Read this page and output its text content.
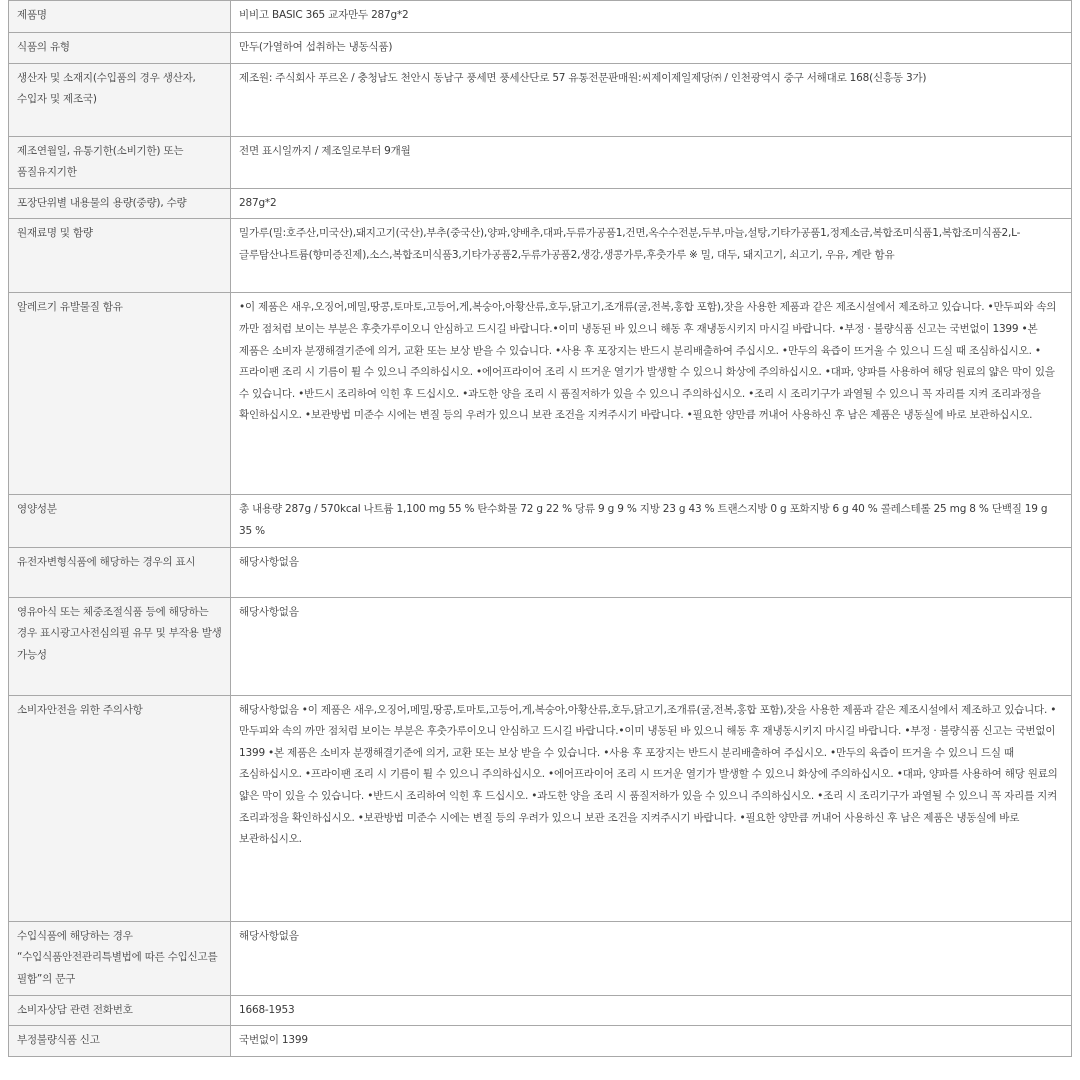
제품명	비비고 BASIC 365 교자만두 287g*2
식품의 유형	만두(가열하여 섭취하는 냉동식품)
생산자 및 소재지(수입품의 경우 생산자, 수입자 및 제조국)	제조원: 주식회사 푸르온 / 충청남도 천안시 동남구 풍세면 풍세산단로 57 유통전문판매원:씨제이제일제당㈜ / 인천광역시 중구 서해대로 168(신흥동 3가)
제조연월일, 유통기한(소비기한) 또는 품질유지기한	전면 표시일까지 / 제조일로부터 9개월
포장단위별 내용물의 용량(중량), 수량	287g*2
원재료명 및 함량	밀가루(밀:호주산,미국산),돼지고기(국산),부추(중국산),양파,양배추,대파,두류가공품1,건면,옥수수전분,두부,마늘,설탕,기타가공품1,정제소금,복합조미식품1,복합조미식품2,L-글루탐산나트륨(향미증진제),소스,복합조미식품3,기타가공품2,두류가공품2,생강,생콩가루,후춧가루 ※ 밀, 대두, 돼지고기, 쇠고기, 우유, 계란 함유
알레르기 유발물질 함유	•이 제품은 새우,오징어,메밀,땅콩,토마토,고등어,게,복숭아,아황산류,호두,닭고기,조개류(굴,전복,홍합 포함),잣을 사용한 제품과 같은 제조시설에서 제조하고 있습니다. •만두피와 속의 까만 점처럼 보이는 부분은 후춧가루이오니 안심하고 드시길 바랍니다.•이미 냉동된 바 있으니 해동 후 재냉동시키지 마시길 바랍니다. •부정 · 불량식품 신고는 국번없이 1399 •본 제품은 소비자 분쟁해결기준에 의거, 교환 또는 보상 받을 수 있습니다. •사용 후 포장지는 반드시 분리배출하여 주십시오. •만두의 육즙이 뜨거울 수 있으니 드실 때 조심하십시오. •프라이팬 조리 시 기름이 튈 수 있으니 주의하십시오. •에어프라이어 조리 시 뜨거운 열기가 발생할 수 있으니 화상에 주의하십시오. •대파, 양파를 사용하여 해당 원료의 얇은 막이 있을 수 있습니다. •반드시 조리하여 익힌 후 드십시오. •과도한 양을 조리 시 품질저하가 있을 수 있으니 주의하십시오. •조리 시 조리기구가 과열될 수 있으니 꼭 자리를 지켜 조리과정을 확인하십시오. •보관방법 미준수 시에는 변질 등의 우려가 있으니 보관 조건을 지켜주시기 바랍니다. •필요한 양만큼 꺼내어 사용하신 후 남은 제품은 냉동실에 바로 보관하십시오.
영양성분	총 내용량 287g / 570kcal 나트륨 1,100 mg 55 % 탄수화물 72 g 22 % 당류 9 g 9 % 지방 23 g 43 % 트랜스지방 0 g 포화지방 6 g 40 % 콜레스테롤 25 mg 8 % 단백질 19 g 35 %
유전자변형식품에 해당하는 경우의 표시	해당사항없음
영유아식 또는 체중조절식품 등에 해당하는 경우 표시광고사전심의필 유무 및 부작용 발생 가능성	해당사항없음
소비자안전을 위한 주의사항	해당사항없음 •이 제품은 새우,오징어,메밀,땅콩,토마토,고등어,게,복숭아,아황산류,호두,닭고기,조개류(굴,전복,홍합 포함),잣을 사용한 제품과 같은 제조시설에서 제조하고 있습니다. •만두피와 속의 까만 점처럼 보이는 부분은 후춧가루이오니 안심하고 드시길 바랍니다.•이미 냉동된 바 있으니 해동 후 재냉동시키지 마시길 바랍니다. •부정 · 불량식품 신고는 국번없이 1399 •본 제품은 소비자 분쟁해결기준에 의거, 교환 또는 보상 받을 수 있습니다. •사용 후 포장지는 반드시 분리배출하여 주십시오. •만두의 육즙이 뜨거울 수 있으니 드실 때 조심하십시오. •프라이팬 조리 시 기름이 튈 수 있으니 주의하십시오. •에어프라이어 조리 시 뜨거운 열기가 발생할 수 있으니 화상에 주의하십시오. •대파, 양파를 사용하여 해당 원료의 얇은 막이 있을 수 있습니다. •반드시 조리하여 익힌 후 드십시오. •과도한 양을 조리 시 품질저하가 있을 수 있으니 주의하십시오. •조리 시 조리기구가 과열될 수 있으니 꼭 자리를 지켜 조리과정을 확인하십시오. •보관방법 미준수 시에는 변질 등의 우려가 있으니 보관 조건을 지켜주시기 바랍니다. •필요한 양만큼 꺼내어 사용하신 후 남은 제품은 냉동실에 바로 보관하십시오.
수입식품에 해당하는 경우 “수입식품안전관리특별법에 따른 수입신고를 필함”의 문구	해당사항없음
소비자상담 관련 전화번호	1668-1953
부정불량식품 신고	국번없이 1399
